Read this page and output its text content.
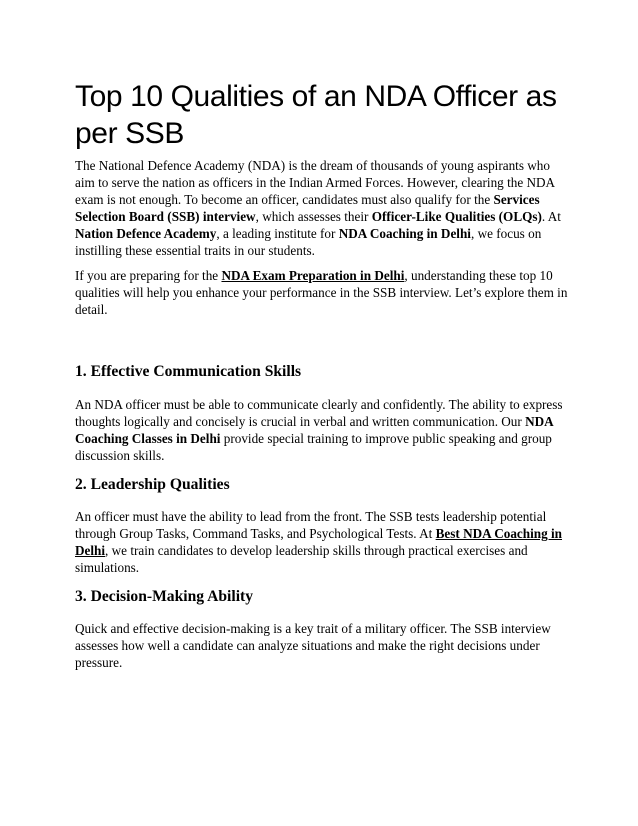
Top 10 Qualities of an NDA Officer as per SSB

The National Defence Academy (NDA) is the dream of thousands of young aspirants who aim to serve the nation as officers in the Indian Armed Forces. However, clearing the NDA exam is not enough. To become an officer, candidates must also qualify for the Services Selection Board (SSB) interview, which assesses their Officer-Like Qualities (OLQs). At Nation Defence Academy, a leading institute for NDA Coaching in Delhi, we focus on instilling these essential traits in our students.

If you are preparing for the NDA Exam Preparation in Delhi, understanding these top 10 qualities will help you enhance your performance in the SSB interview. Let’s explore them in detail.

1. Effective Communication Skills

An NDA officer must be able to communicate clearly and confidently. The ability to express thoughts logically and concisely is crucial in verbal and written communication. Our NDA Coaching Classes in Delhi provide special training to improve public speaking and group discussion skills.

2. Leadership Qualities

An officer must have the ability to lead from the front. The SSB tests leadership potential through Group Tasks, Command Tasks, and Psychological Tests. At Best NDA Coaching in Delhi, we train candidates to develop leadership skills through practical exercises and simulations.

3. Decision-Making Ability

Quick and effective decision-making is a key trait of a military officer. The SSB interview assesses how well a candidate can analyze situations and make the right decisions under pressure.
